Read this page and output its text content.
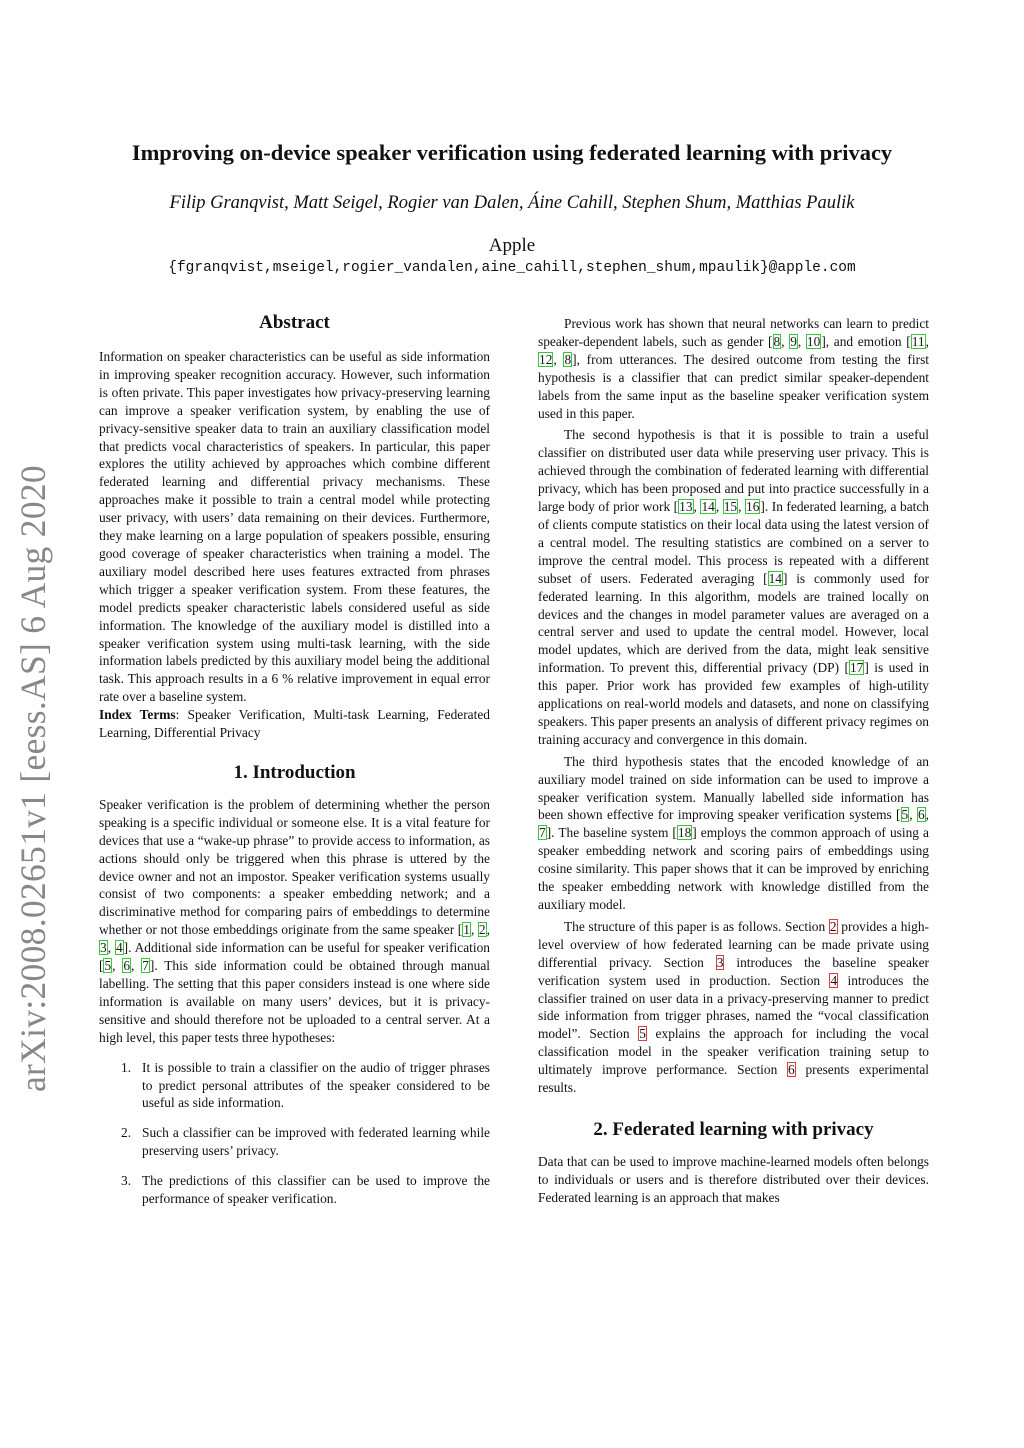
arXiv:2008.02651v1 [eess.AS] 6 Aug 2020
Improving on-device speaker verification using federated learning with privacy
Filip Granqvist, Matt Seigel, Rogier van Dalen, Áine Cahill, Stephen Shum, Matthias Paulik
Apple
{fgranqvist,mseigel,rogier_vandalen,aine_cahill,stephen_shum,mpaulik}@apple.com
Abstract

Information on speaker characteristics can be useful as side information in improving speaker recognition accuracy. However, such information is often private. This paper investigates how privacy-preserving learning can improve a speaker verification system, by enabling the use of privacy-sensitive speaker data to train an auxiliary classification model that predicts vocal characteristics of speakers. In particular, this paper explores the utility achieved by approaches which combine different federated learning and differential privacy mechanisms. These approaches make it possible to train a central model while protecting user privacy, with users’ data remaining on their devices. Furthermore, they make learning on a large population of speakers possible, ensuring good coverage of speaker characteristics when training a model. The auxiliary model described here uses features extracted from phrases which trigger a speaker verification system. From these features, the model predicts speaker characteristic labels considered useful as side information. The knowledge of the auxiliary model is distilled into a speaker verification system using multi-task learning, with the side information labels predicted by this auxiliary model being the additional task. This approach results in a 6 % relative improvement in equal error rate over a baseline system.

Index Terms: Speaker Verification, Multi-task Learning, Federated Learning, Differential Privacy

1. Introduction

Speaker verification is the problem of determining whether the person speaking is a specific individual or someone else. It is a vital feature for devices that use a “wake-up phrase” to provide access to information, as actions should only be triggered when this phrase is uttered by the device owner and not an impostor. Speaker verification systems usually consist of two components: a speaker embedding network; and a discriminative method for comparing pairs of embeddings to determine whether or not those embeddings originate from the same speaker [1, 2, 3, 4]. Additional side information can be useful for speaker verification [5, 6, 7]. This side information could be obtained through manual labelling. The setting that this paper considers instead is one where side information is available on many users’ devices, but it is privacy-sensitive and should therefore not be uploaded to a central server. At a high level, this paper tests three hypotheses:

1. It is possible to train a classifier on the audio of trigger phrases to predict personal attributes of the speaker considered to be useful as side information.
2. Such a classifier can be improved with federated learning while preserving users’ privacy.
3. The predictions of this classifier can be used to improve the performance of speaker verification.

Previous work has shown that neural networks can learn to predict speaker-dependent labels, such as gender [8, 9, 10], and emotion [11, 12, 8], from utterances. The desired outcome from testing the first hypothesis is a classifier that can predict similar speaker-dependent labels from the same input as the baseline speaker verification system used in this paper.

The second hypothesis is that it is possible to train a useful classifier on distributed user data while preserving user privacy. This is achieved through the combination of federated learning with differential privacy, which has been proposed and put into practice successfully in a large body of prior work [13, 14, 15, 16]. In federated learning, a batch of clients compute statistics on their local data using the latest version of a central model. The resulting statistics are combined on a server to improve the central model. This process is repeated with a different subset of users. Federated averaging [14] is commonly used for federated learning. In this algorithm, models are trained locally on devices and the changes in model parameter values are averaged on a central server and used to update the central model. However, local model updates, which are derived from the data, might leak sensitive information. To prevent this, differential privacy (DP) [17] is used in this paper. Prior work has provided few examples of high-utility applications on real-world models and datasets, and none on classifying speakers. This paper presents an analysis of different privacy regimes on training accuracy and convergence in this domain.

The third hypothesis states that the encoded knowledge of an auxiliary model trained on side information can be used to improve a speaker verification system. Manually labelled side information has been shown effective for improving speaker verification systems [5, 6, 7]. The baseline system [18] employs the common approach of using a speaker embedding network and scoring pairs of embeddings using cosine similarity. This paper shows that it can be improved by enriching the speaker embedding network with knowledge distilled from the auxiliary model.

The structure of this paper is as follows. Section 2 provides a high-level overview of how federated learning can be made private using differential privacy. Section 3 introduces the baseline speaker verification system used in production. Section 4 introduces the classifier trained on user data in a privacy-preserving manner to predict side information from trigger phrases, named the “vocal classification model”. Section 5 explains the approach for including the vocal classification model in the speaker verification training setup to ultimately improve performance. Section 6 presents experimental results.

2. Federated learning with privacy

Data that can be used to improve machine-learned models often belongs to individuals or users and is therefore distributed over their devices. Federated learning is an approach that makes
